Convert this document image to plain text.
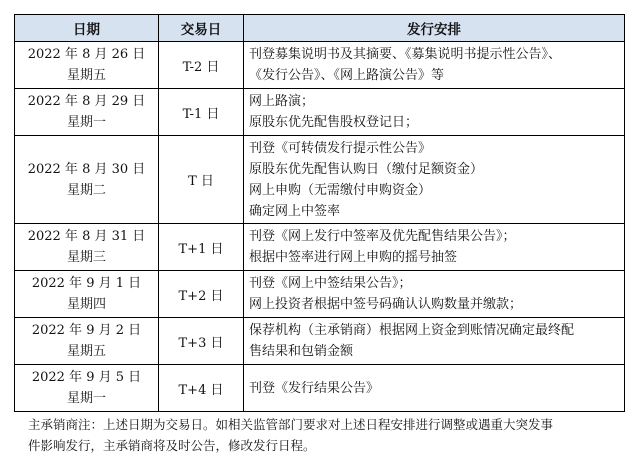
日期	交易日	发行安排

2022 年 8 月 26 日
星期五	T-2 日	刊登募集说明书及其摘要、《募集说明书提示性公告》、
《发行公告》、《网上路演公告》等

2022 年 8 月 29 日
星期一	T-1 日	网上路演；
原股东优先配售股权登记日；

2022 年 8 月 30 日
星期二	T 日	刊登《可转债发行提示性公告》
原股东优先配售认购日（缴付足额资金）
网上申购（无需缴付申购资金）
确定网上中签率

2022 年 8 月 31 日
星期三	T+1 日	刊登《网上发行中签率及优先配售结果公告》；
根据中签率进行网上申购的摇号抽签

2022 年 9 月 1 日
星期四	T+2 日	刊登《网上中签结果公告》；
网上投资者根据中签号码确认认购数量并缴款；

2022 年 9 月 2 日
星期五	T+3 日	保荐机构（主承销商）根据网上资金到账情况确定最终配
售结果和包销金额

2022 年 9 月 5 日
星期一	T+4 日	刊登《发行结果公告》
主承销商注：上述日期为交易日。如相关监管部门要求对上述日程安排进行调整或遇重大突发事
件影响发行，主承销商将及时公告，修改发行日程。
